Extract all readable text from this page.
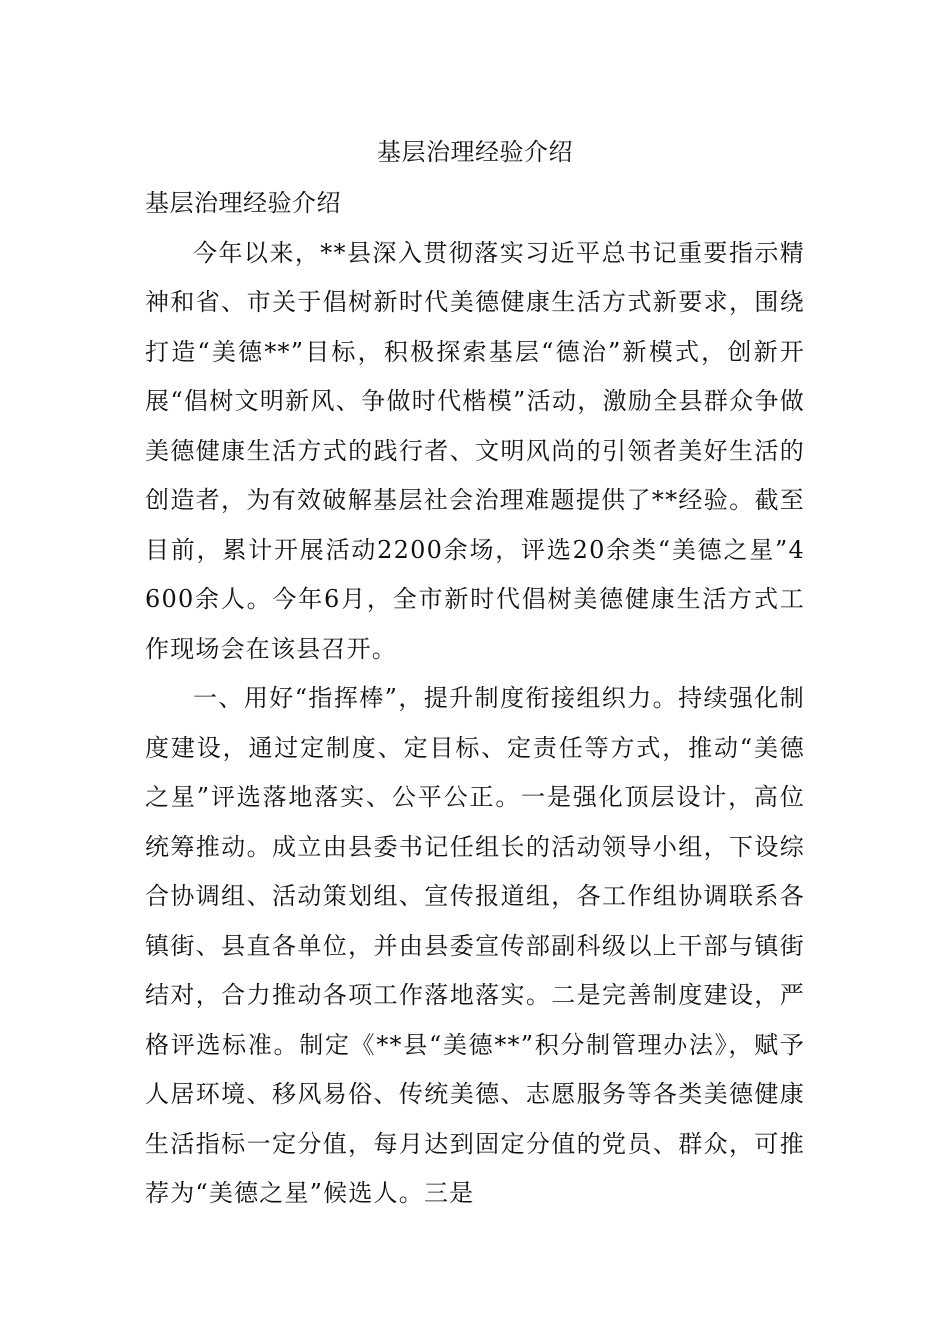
基层治理经验介绍

基层治理经验介绍

今年以来，**县深入贯彻落实习近平总书记重要指示精神和省、市关于倡树新时代美德健康生活方式新要求，围绕打造“美德**”目标，积极探索基层“德治”新模式，创新开展“倡树文明新风、争做时代楷模”活动，激励全县群众争做美德健康生活方式的践行者、文明风尚的引领者美好生活的创造者，为有效破解基层社会治理难题提供了**经验。截至目前，累计开展活动2200余场，评选20余类“美德之星”4600余人。今年6月，全市新时代倡树美德健康生活方式工作现场会在该县召开。

一、用好“指挥棒”，提升制度衔接组织力。持续强化制度建设，通过定制度、定目标、定责任等方式，推动“美德之星”评选落地落实、公平公正。一是强化顶层设计，高位统筹推动。成立由县委书记任组长的活动领导小组，下设综合协调组、活动策划组、宣传报道组，各工作组协调联系各镇街、县直各单位，并由县委宣传部副科级以上干部与镇街结对，合力推动各项工作落地落实。二是完善制度建设，严格评选标准。制定《**县“美德**”积分制管理办法》，赋予人居环境、移风易俗、传统美德、志愿服务等各类美德健康生活指标一定分值，每月达到固定分值的党员、群众，可推荐为“美德之星”候选人。三是
